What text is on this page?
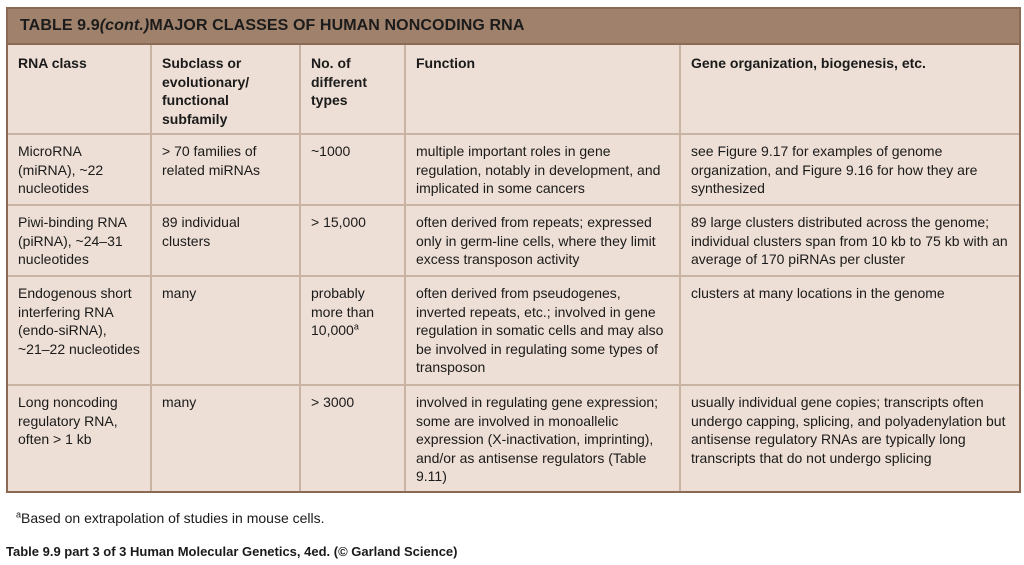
TABLE 9.9 (cont.) MAJOR CLASSES OF HUMAN NONCODING RNA
RNA class	Subclass or evolutionary/ functional subfamily	No. of different types	Function	Gene organization, biogenesis, etc.
MicroRNA (miRNA), ~22 nucleotides	> 70 families of related miRNAs	~1000	multiple important roles in gene regulation, notably in development, and implicated in some cancers	see Figure 9.17 for examples of genome organization, and Figure 9.16 for how they are synthesized
Piwi-binding RNA (piRNA), ~24–31 nucleotides	89 individual clusters	> 15,000	often derived from repeats; expressed only in germ-line cells, where they limit excess transposon activity	89 large clusters distributed across the genome; individual clusters span from 10 kb to 75 kb with an average of 170 piRNAs per cluster
Endogenous short interfering RNA (endo-siRNA), ~21–22 nucleotides	many	probably more than 10,000$^a$	often derived from pseudogenes, inverted repeats, etc.; involved in gene regulation in somatic cells and may also be involved in regulating some types of transposon	clusters at many locations in the genome
Long noncoding regulatory RNA, often > 1 kb	many	> 3000	involved in regulating gene expression; some are involved in monoallelic expression (X-inactivation, imprinting), and/or as antisense regulators (Table 9.11)	usually individual gene copies; transcripts often undergo capping, splicing, and polyadenylation but antisense regulatory RNAs are typically long transcripts that do not undergo splicing
$^a$Based on extrapolation of studies in mouse cells.
Table 9.9 part 3 of 3 Human Molecular Genetics, 4ed. (© Garland Science)
